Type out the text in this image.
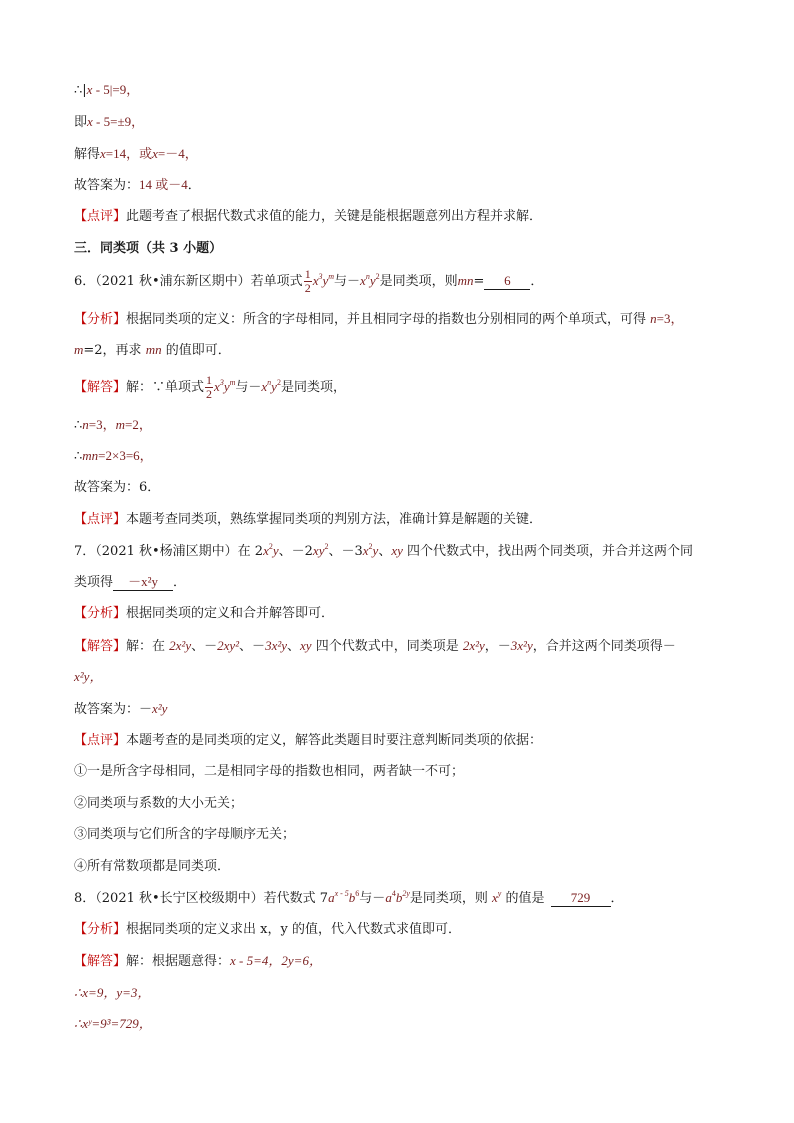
∴|x - 5|=9，
即x - 5=±9，
解得x=14，或x=－4，
故答案为：14 或－4．
【点评】此题考查了根据代数式求值的能力，关键是能根据题意列出方程并求解．
三．同类项（共 3 小题）
6．（2021 秋•浦东新区期中）若单项式 $\frac{1}{2} x^3y^m$与$-x^ny^2$是同类项，则mn= 6 ．
【分析】根据同类项的定义：所含的字母相同，并且相同字母的指数也分别相同的两个单项式，可得 n=3，
m=2，再求 mn 的值即可．
【解答】解：∵单项式 $\frac{1}{2} x^3y^m$与$-x^ny^2$是同类项，
∴n=3，m=2，
∴mn=2×3=6，
故答案为：6．
【点评】本题考查同类项，熟练掌握同类项的判别方法，准确计算是解题的关键．
7．（2021 秋•杨浦区期中）在 $2x^2y$、$-2xy^2$、$-3x^2y$、xy 四个代数式中，找出两个同类项，并合并这两个同
类项得 －x²y ．
【分析】根据同类项的定义和合并解答即可．
【解答】解：在 2x²y、－2xy²、－3x²y、xy 四个代数式中，同类项是 2x²y，－3x²y，合并这两个同类项得－
x²y，
故答案为：－x²y
【点评】本题考查的是同类项的定义，解答此类题目时要注意判断同类项的依据：
①一是所含字母相同，二是相同字母的指数也相同，两者缺一不可；
②同类项与系数的大小无关；
③同类项与它们所含的字母顺序无关；
④所有常数项都是同类项．
8．（2021 秋•长宁区校级期中）若代数式 $7a^{x - 5}b^6$与$-a^4b^{2y}$是同类项，则 $x^y$ 的值是 729 ．
【分析】根据同类项的定义求出 x，y 的值，代入代数式求值即可．
【解答】解：根据题意得：x - 5=4，2y=6，
∴x=9，y=3，
∴xʸ=9³=729，
